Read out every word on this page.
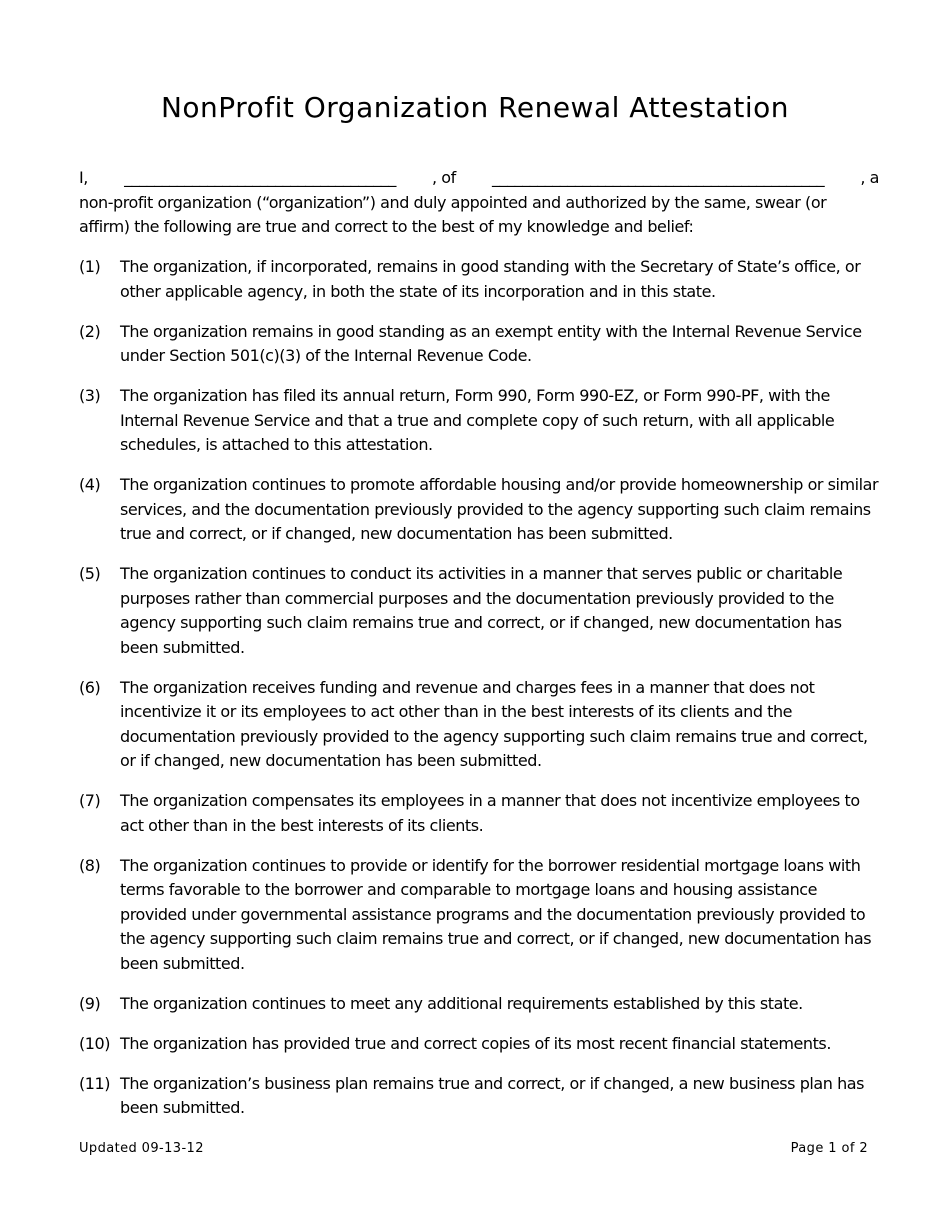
NonProfit Organization Renewal Attestation
I, ____________________________________ , of ____________________________________________ , a

non-profit organization (“organization”) and duly appointed and authorized by the same, swear (or affirm) the following are true and correct to the best of my knowledge and belief:

(1)	The organization, if incorporated, remains in good standing with the Secretary of State’s office, or other applicable agency, in both the state of its incorporation and in this state.
(2)	The organization remains in good standing as an exempt entity with the Internal Revenue Service under Section 501(c)(3) of the Internal Revenue Code.
(3)	The organization has filed its annual return, Form 990, Form 990-EZ, or Form 990-PF, with the Internal Revenue Service and that a true and complete copy of such return, with all applicable schedules, is attached to this attestation.
(4)	The organization continues to promote affordable housing and/or provide homeownership or similar services, and the documentation previously provided to the agency supporting such claim remains true and correct, or if changed, new documentation has been submitted.
(5)	The organization continues to conduct its activities in a manner that serves public or charitable purposes rather than commercial purposes and the documentation previously provided to the agency supporting such claim remains true and correct, or if changed, new documentation has been submitted.
(6)	The organization receives funding and revenue and charges fees in a manner that does not incentivize it or its employees to act other than in the best interests of its clients and the documentation previously provided to the agency supporting such claim remains true and correct, or if changed, new documentation has been submitted.
(7)	The organization compensates its employees in a manner that does not incentivize employees to act other than in the best interests of its clients.
(8)	The organization continues to provide or identify for the borrower residential mortgage loans with terms favorable to the borrower and comparable to mortgage loans and housing assistance provided under governmental assistance programs and the documentation previously provided to the agency supporting such claim remains true and correct, or if changed, new documentation has been submitted.
(9)	The organization continues to meet any additional requirements established by this state.
(10) The organization has provided true and correct copies of its most recent financial statements.
(11) The organization’s business plan remains true and correct, or if changed, a new business plan has been submitted.
Updated 09-13-12	Page 1 of 2
